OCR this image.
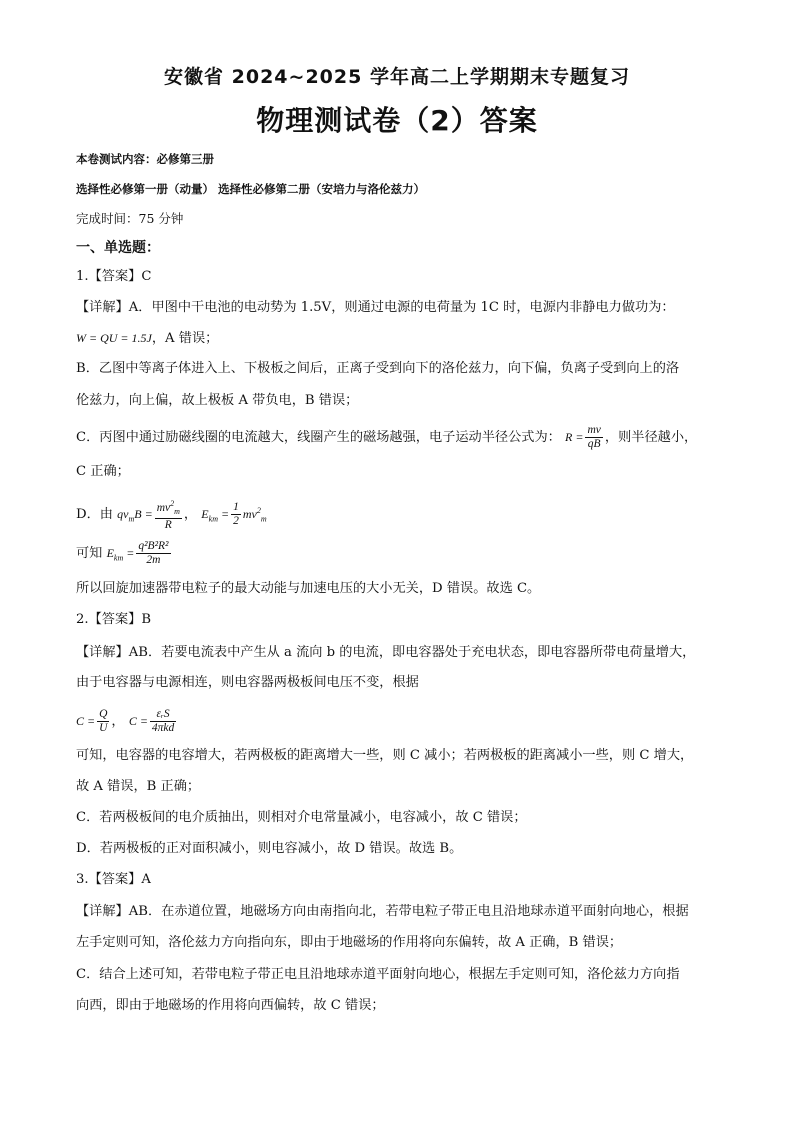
安徽省 2024~2025 学年高二上学期期末专题复习
物理测试卷（2）答案
本卷测试内容：必修第三册
选择性必修第一册（动量） 选择性必修第二册（安培力与洛伦兹力）
完成时间：75 分钟
一、单选题：
1.【答案】C
【详解】A．甲图中干电池的电动势为 1.5V，则通过电源的电荷量为 1C 时，电源内非静电力做功为：
W = QU = 1.5J，A 错误；
B．乙图中等离子体进入上、下极板之间后，正离子受到向下的洛伦兹力，向下偏，负离子受到向上的洛
伦兹力，向上偏，故上极板 A 带负电，B 错误；
C．丙图中通过励磁线圈的电流越大，线圈产生的磁场越强，电子运动半径公式为： $R = \frac{mv}{qB}$ ，则半径越小，
C 正确；
D．由 $qv_mB = \frac{mv^2_m}{R}$ ， $E_{km} = \frac{1}{2} mv^2_m$
可知 $E_{km} = \frac{\text{q²B²R²}}{2m}$
所以回旋加速器带电粒子的最大动能与加速电压的大小无关，D 错误。故选 C。
2.【答案】B
【详解】AB．若要电流表中产生从 a 流向 b 的电流，即电容器处于充电状态，即电容器所带电荷量增大，
由于电容器与电源相连，则电容器两极板间电压不变，根据
$C = \frac{Q}{U}$ ， $C = \frac{\text{εᵣS}}{\text{4πkd}}$
可知，电容器的电容增大，若两极板的距离增大一些，则 C 减小；若两极板的距离减小一些，则 C 增大，
故 A 错误，B 正确；
C．若两极板间的电介质抽出，则相对介电常量减小，电容减小，故 C 错误；
D．若两极板的正对面积减小，则电容减小，故 D 错误。故选 B。
3.【答案】A
【详解】AB．在赤道位置，地磁场方向由南指向北，若带电粒子带正电且沿地球赤道平面射向地心，根据
左手定则可知，洛伦兹力方向指向东，即由于地磁场的作用将向东偏转，故 A 正确，B 错误；
C．结合上述可知，若带电粒子带正电且沿地球赤道平面射向地心，根据左手定则可知，洛伦兹力方向指
向西，即由于地磁场的作用将向西偏转，故 C 错误；
